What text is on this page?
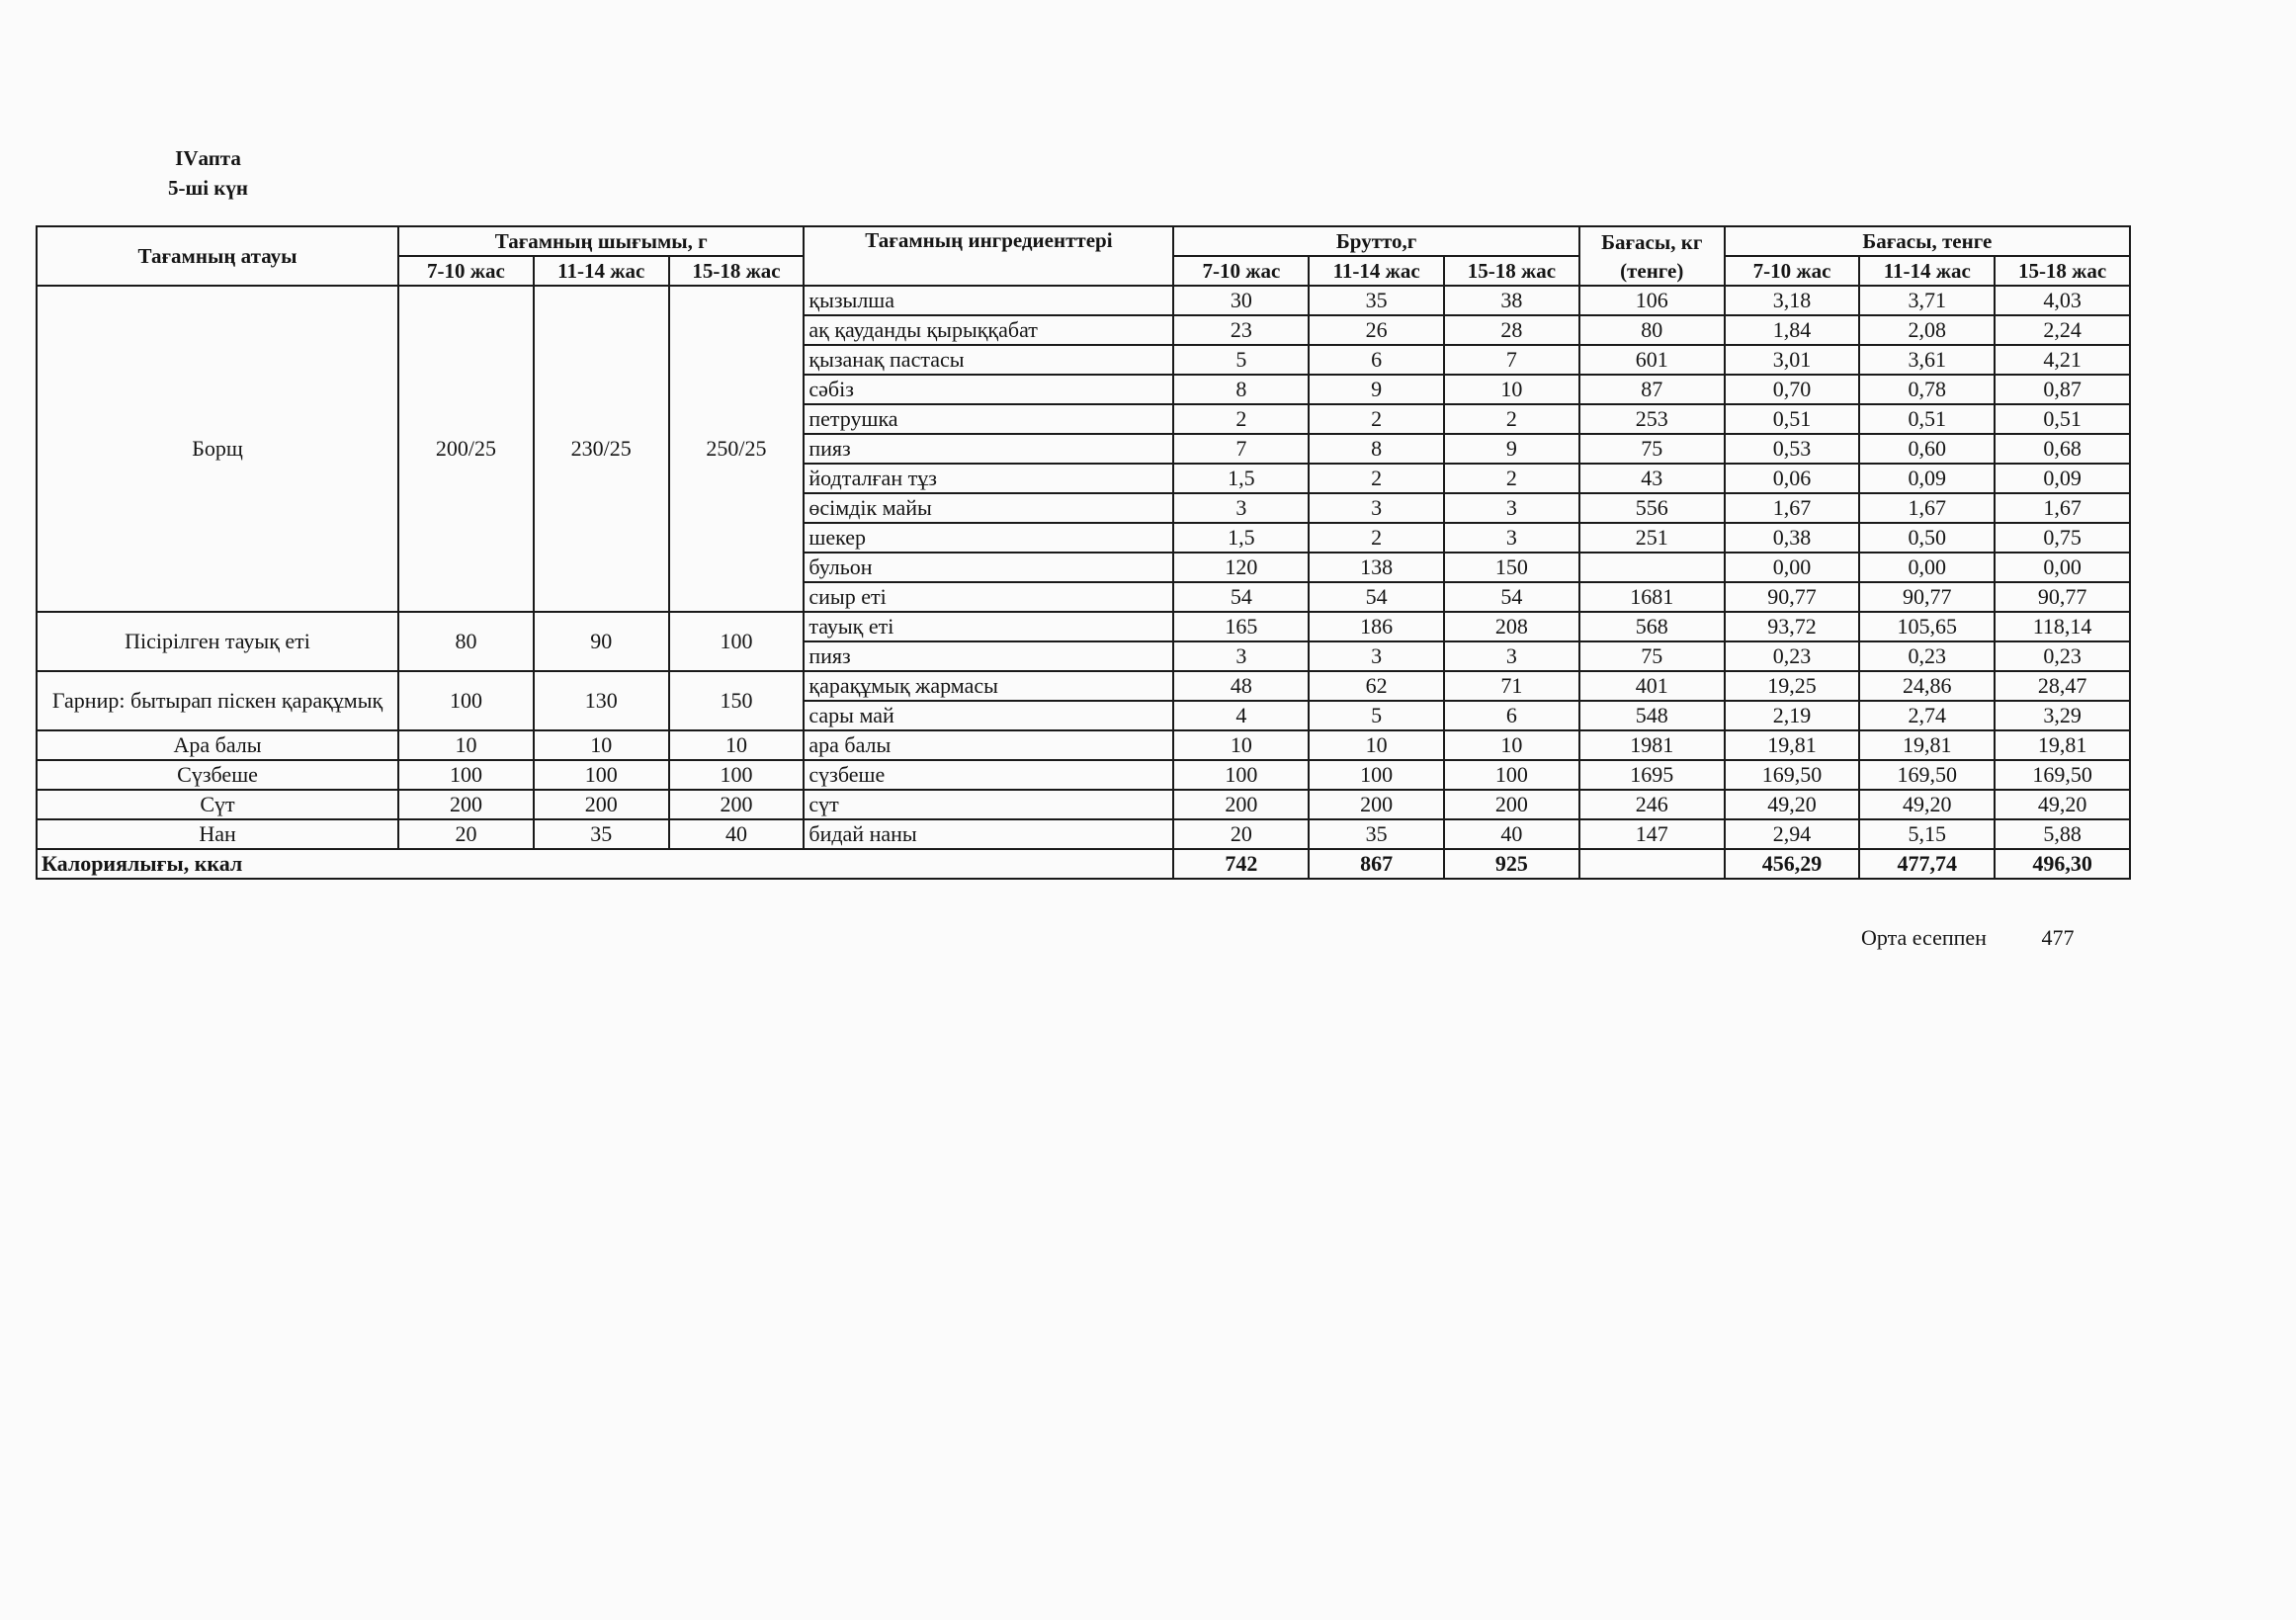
IVапта
5-ші күн
Тағамның атауы	Тағамның шығымы, г			Тағамның ингредиенттері	Брутто,г			Бағасы, кг	Бағасы, тенге		
	7-10 жас	11-14 жас	15-18 жас		7-10 жас	11-14 жас	15-18 жас	(тенге)	7-10 жас	11-14 жас	15-18 жас
Борщ	200/25	230/25	250/25	қызылша	30	35	38	106	3,18	3,71	4,03
				ақ қауданды қырыққабат	23	26	28	80	1,84	2,08	2,24
				қызанақ пастасы	5	6	7	601	3,01	3,61	4,21
				сәбіз	8	9	10	87	0,70	0,78	0,87
				петрушка	2	2	2	253	0,51	0,51	0,51
				пияз	7	8	9	75	0,53	0,60	0,68
				йодталған тұз	1,5	2	2	43	0,06	0,09	0,09
				өсімдік майы	3	3	3	556	1,67	1,67	1,67
				шекер	1,5	2	3	251	0,38	0,50	0,75
				бульон	120	138	150		0,00	0,00	0,00
				сиыр еті	54	54	54	1681	90,77	90,77	90,77
Пісірілген тауық еті	80	90	100	тауық еті	165	186	208	568	93,72	105,65	118,14
				пияз	3	3	3	75	0,23	0,23	0,23
Гарнир: бытырап піскен қарақұмық	100	130	150	қарақұмық жармасы	48	62	71	401	19,25	24,86	28,47
				сары май	4	5	6	548	2,19	2,74	3,29
Ара балы	10	10	10	ара балы	10	10	10	1981	19,81	19,81	19,81
Сүзбеше	100	100	100	сүзбеше	100	100	100	1695	169,50	169,50	169,50
Сүт	200	200	200	сүт	200	200	200	246	49,20	49,20	49,20
Нан	20	35	40	бидай наны	20	35	40	147	2,94	5,15	5,88
Калориялығы, ккал					742	867	925		456,29	477,74	496,30
Орта есеппен	477
